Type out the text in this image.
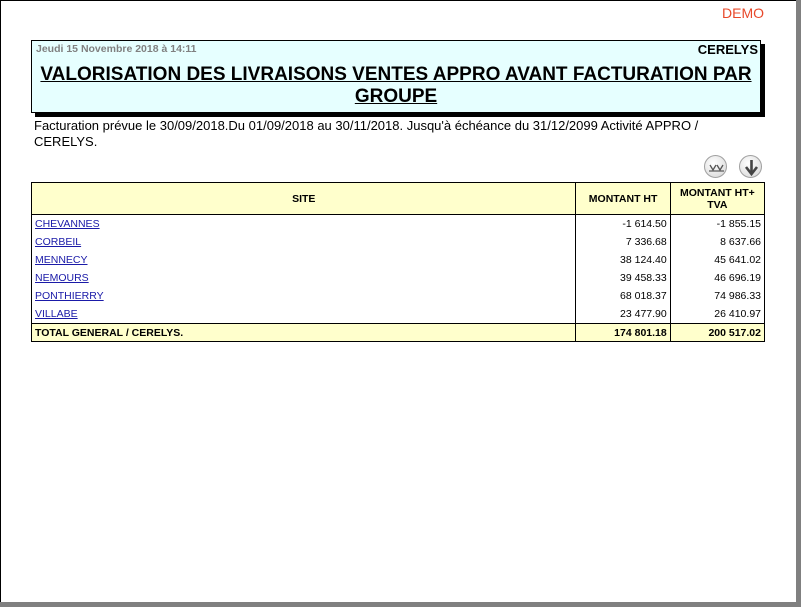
DEMO
Jeudi 15 Novembre 2018 à 14:11	CERELYS
VALORISATION DES LIVRAISONS VENTES APPRO AVANT FACTURATION PAR
GROUPE
Facturation prévue le 30/09/2018.Du 01/09/2018 au 30/11/2018. Jusqu'à échéance du 31/12/2099 Activité APPRO / CERELYS.
SITE	MONTANT HT	MONTANT HT+ TVA
CHEVANNES	-1 614.50	-1 855.15
CORBEIL	7 336.68	8 637.66
MENNECY	38 124.40	45 641.02
NEMOURS	39 458.33	46 696.19
PONTHIERRY	68 018.37	74 986.33
VILLABE	23 477.90	26 410.97
TOTAL GENERAL / CERELYS.	174 801.18	200 517.02
